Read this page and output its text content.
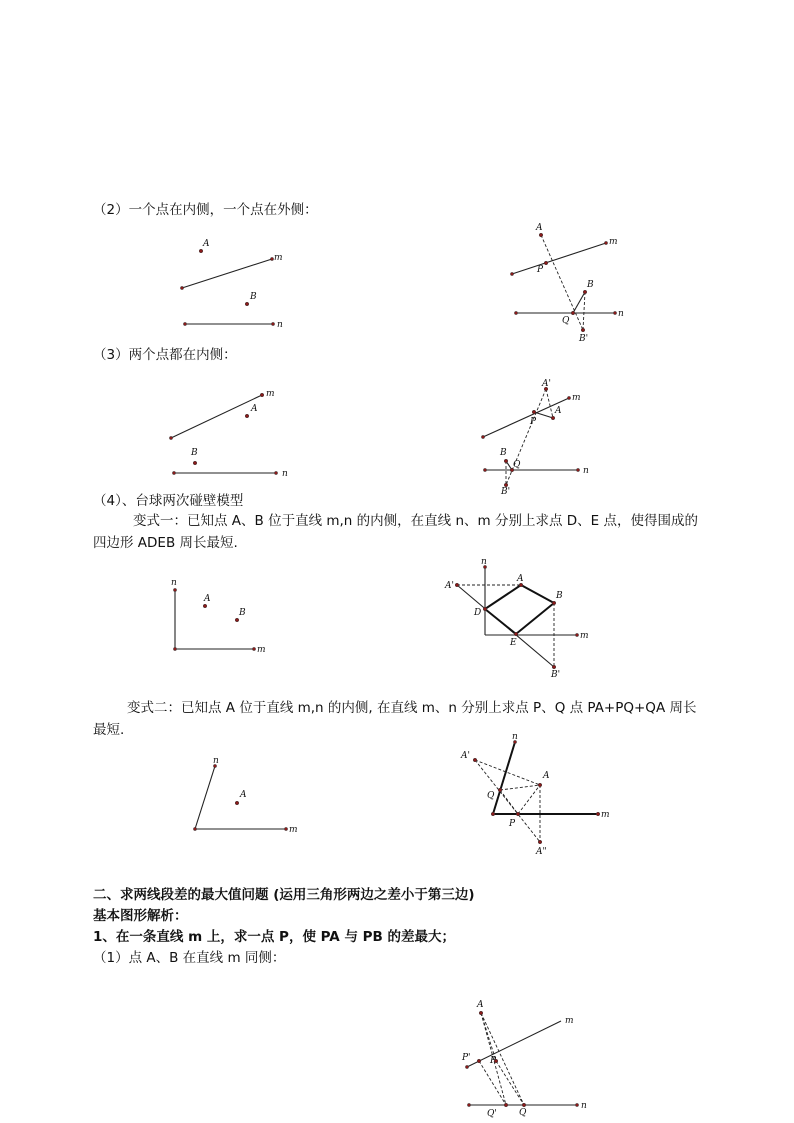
（2）一个点在内侧，一个点在外侧：
（3）两个点都在内侧：
（4）、台球两次碰壁模型
变式一：已知点 A、B 位于直线 m,n 的内侧，在直线 n、m 分别上求点 D、E 点，使得围成的四边形 ADEB 周长最短.
变式二：已知点 A 位于直线 m,n 的内侧, 在直线 m、n 分别上求点 P、Q 点 PA+PQ+QA 周长最短.
二、求两线段差的最大值问题 (运用三角形两边之差小于第三边)
基本图形解析：
1、在一条直线 m 上，求一点 P，使 PA 与 PB 的差最大；
（1）点 A、B 在直线 m 同侧：
A
B
m
n
A
P
B
Q
B'
m
n
A
B
m
n
A'
A
P
B
Q
B'
m
n
n
A
B
m
n
A'
A
B
D
E
B'
m
n
A
m
n
A'
A
Q
P
A"
m
A
P' P
Q' Q
m
n
